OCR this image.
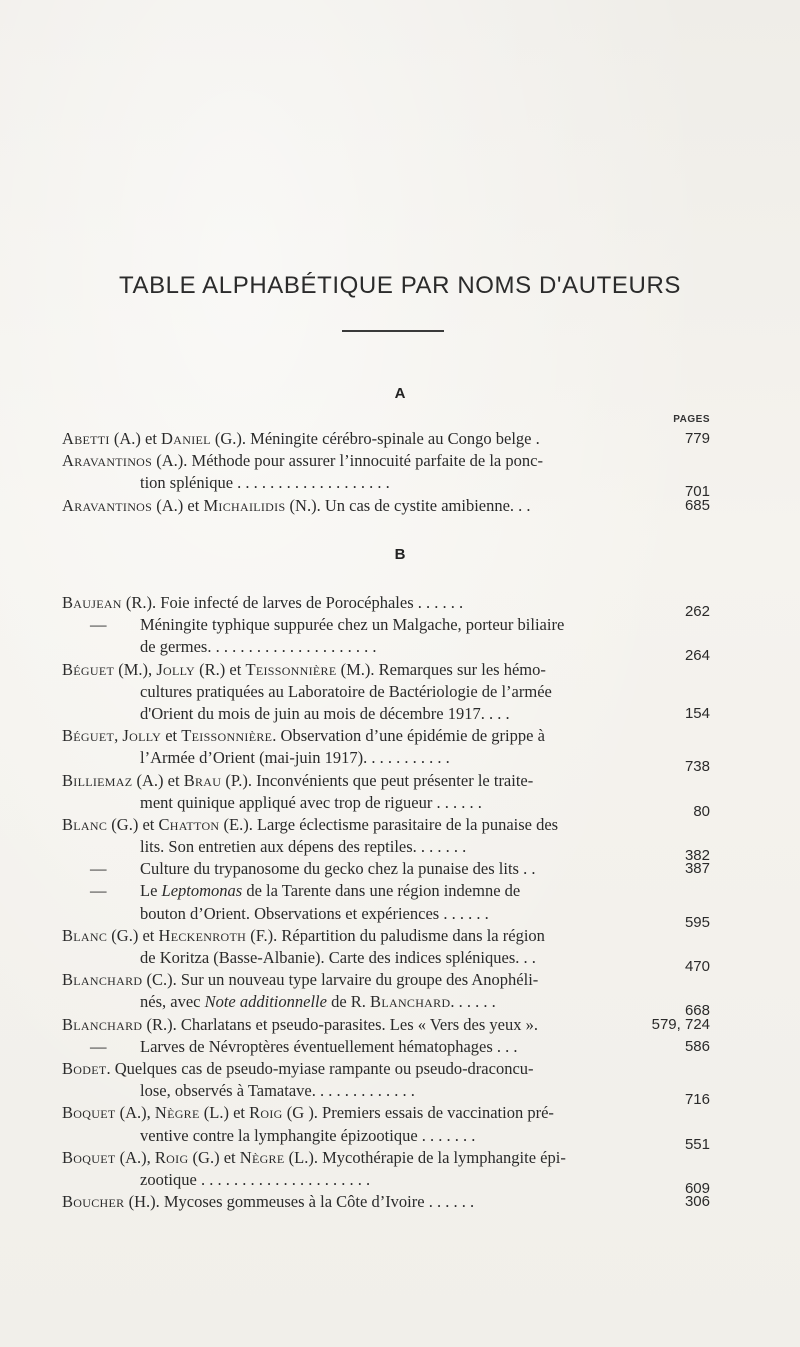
TABLE ALPHABÉTIQUE PAR NOMS D'AUTEURS
A
PAGES
Abetti (A.) et Daniel (G.). Méningite cérébro-spinale au Congo belge .	779
Aravantinos (A.). Méthode pour assurer l’innocuité parfaite de la ponc-
tion splénique . . . . . . . . . . . . . . . . . . .	701
Aravantinos (A.) et Michailidis (N.). Un cas de cystite amibienne. . .	685
B
Baujean (R.). Foie infecté de larves de Porocéphales . . . . . .	262
— Méningite typhique suppurée chez un Malgache, porteur biliaire
de germes. . . . . . . . . . . . . . . . . . . . .	264
Béguet (M.), Jolly (R.) et Teissonnière (M.). Remarques sur les hémo-
cultures pratiquées au Laboratoire de Bactériologie de l’armée
d'Orient du mois de juin au mois de décembre 1917. . . .	154
Béguet, Jolly et Teissonnière. Observation d’une épidémie de grippe à
l’Armée d’Orient (mai-juin 1917). . . . . . . . . . .	738
Billiemaz (A.) et Brau (P.). Inconvénients que peut présenter le traite-
ment quinique appliqué avec trop de rigueur . . . . . .	80
Blanc (G.) et Chatton (E.). Large éclectisme parasitaire de la punaise des
lits. Son entretien aux dépens des reptiles. . . . . . .	382
— Culture du trypanosome du gecko chez la punaise des lits . .	387
— Le Leptomonas de la Tarente dans une région indemne de
bouton d’Orient. Observations et expériences . . . . . .	595
Blanc (G.) et Heckenroth (F.). Répartition du paludisme dans la région
de Koritza (Basse-Albanie). Carte des indices spléniques. . .	470
Blanchard (C.). Sur un nouveau type larvaire du groupe des Anophéli-
nés, avec Note additionnelle de R. Blanchard. . . . . .	668
Blanchard (R.). Charlatans et pseudo-parasites. Les « Vers des yeux ».	579, 724
— Larves de Névroptères éventuellement hématophages . . .	586
Bodet. Quelques cas de pseudo-myiase rampante ou pseudo-draconcu-
lose, observés à Tamatave. . . . . . . . . . . . .	716
Boquet (A.), Nègre (L.) et Roig (G ). Premiers essais de vaccination pré-
ventive contre la lymphangite épizootique . . . . . . .	551
Boquet (A.), Roig (G.) et Nègre (L.). Mycothérapie de la lymphangite épi-
zootique . . . . . . . . . . . . . . . . . . . . .	609
Boucher (H.). Mycoses gommeuses à la Côte d’Ivoire . . . . . .	306
